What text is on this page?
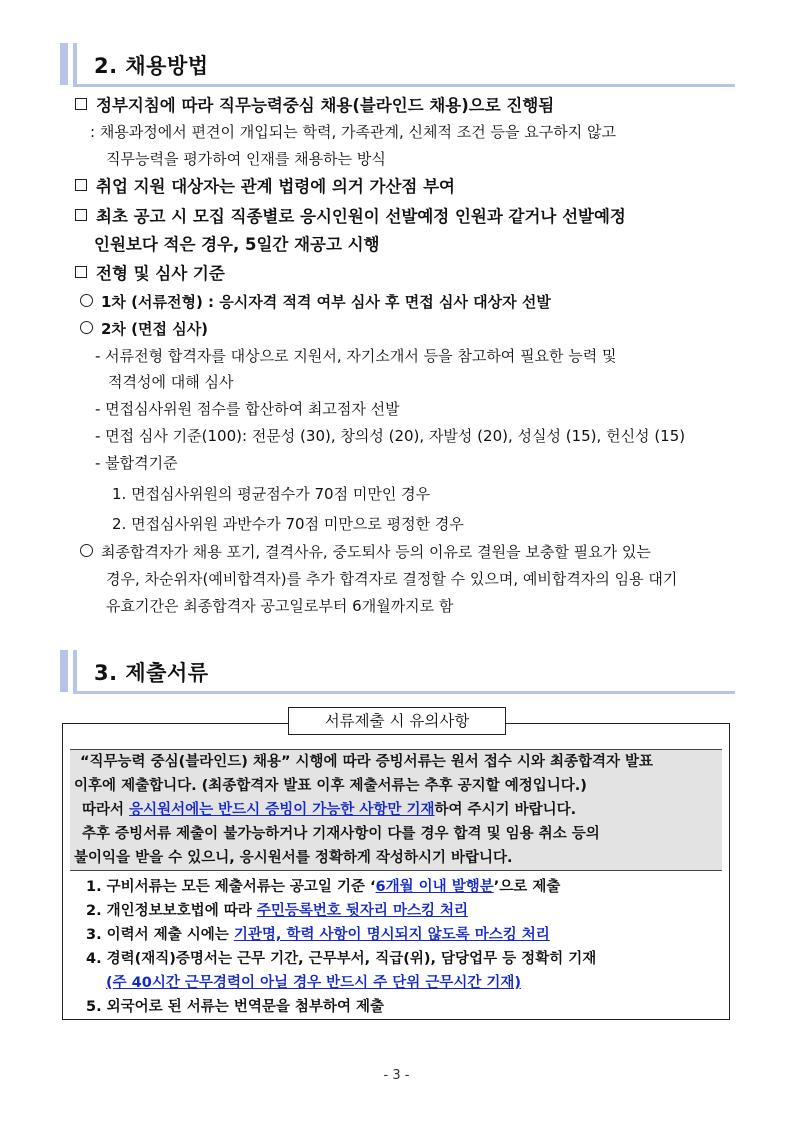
2. 채용방법
정부지침에 따라 직무능력중심 채용(블라인드 채용)으로 진행됨
: 채용과정에서 편견이 개입되는 학력, 가족관계, 신체적 조건 등을 요구하지 않고
직무능력을 평가하여 인재를 채용하는 방식
취업 지원 대상자는 관계 법령에 의거 가산점 부여
최초 공고 시 모집 직종별로 응시인원이 선발예정 인원과 같거나 선발예정
인원보다 적은 경우, 5일간 재공고 시행
전형 및 심사 기준
1차 (서류전형) : 응시자격 적격 여부 심사 후 면접 심사 대상자 선발
2차 (면접 심사)
- 서류전형 합격자를 대상으로 지원서, 자기소개서 등을 참고하여 필요한 능력 및
적격성에 대해 심사
- 면접심사위원 점수를 합산하여 최고점자 선발
- 면접 심사 기준(100): 전문성 (30), 창의성 (20), 자발성 (20), 성실성 (15), 헌신성 (15)
- 불합격기준
1. 면접심사위원의 평균점수가 70점 미만인 경우
2. 면접심사위원 과반수가 70점 미만으로 평정한 경우
최종합격자가 채용 포기, 결격사유, 중도퇴사 등의 이유로 결원을 보충할 필요가 있는
경우, 차순위자(예비합격자)를 추가 합격자로 결정할 수 있으며, 예비합격자의 임용 대기
유효기간은 최종합격자 공고일로부터 6개월까지로 함
3. 제출서류
서류제출 시 유의사항
“직무능력 중심(블라인드) 채용” 시행에 따라 증빙서류는 원서 접수 시와 최종합격자 발표
이후에 제출합니다. (최종합격자 발표 이후 제출서류는 추후 공지할 예정입니다.)
따라서 응시원서에는 반드시 증빙이 가능한 사항만 기재하여 주시기 바랍니다.
추후 증빙서류 제출이 불가능하거나 기재사항이 다를 경우 합격 및 임용 취소 등의
불이익을 받을 수 있으니, 응시원서를 정확하게 작성하시기 바랍니다.
1. 구비서류는 모든 제출서류는 공고일 기준 ‘6개월 이내 발행분’으로 제출
2. 개인정보보호법에 따라 주민등록번호 뒷자리 마스킹 처리
3. 이력서 제출 시에는 기관명, 학력 사항이 명시되지 않도록 마스킹 처리
4. 경력(재직)증명서는 근무 기간, 근무부서, 직급(위), 담당업무 등 정확히 기재
(주 40시간 근무경력이 아닐 경우 반드시 주 단위 근무시간 기재)
5. 외국어로 된 서류는 번역문을 첨부하여 제출
- 3 -
